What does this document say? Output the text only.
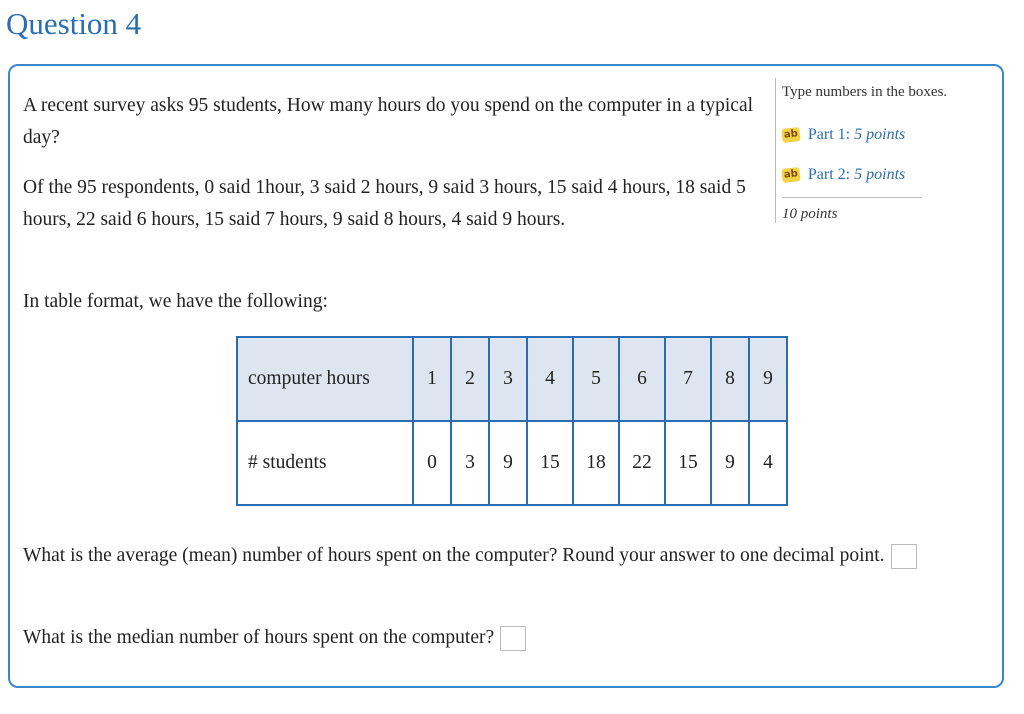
Question 4
Type numbers in the boxes.
ab Part 1: 5 points
ab Part 2: 5 points
10 points

A recent survey asks 95 students, How many hours do you spend on the computer in a typical day?

Of the 95 respondents, 0 said 1hour, 3 said 2 hours, 9 said 3 hours, 15 said 4 hours, 18 said 5 hours, 22 said 6 hours, 15 said 7 hours, 9 said 8 hours, 4 said 9 hours.

In table format, we have the following:

computer hours	1	2	3	4	5	6	7	8	9
# students	0	3	9	15	18	22	15	9	4

What is the average (mean) number of hours spent on the computer? Round your answer to one decimal point.

What is the median number of hours spent on the computer?
